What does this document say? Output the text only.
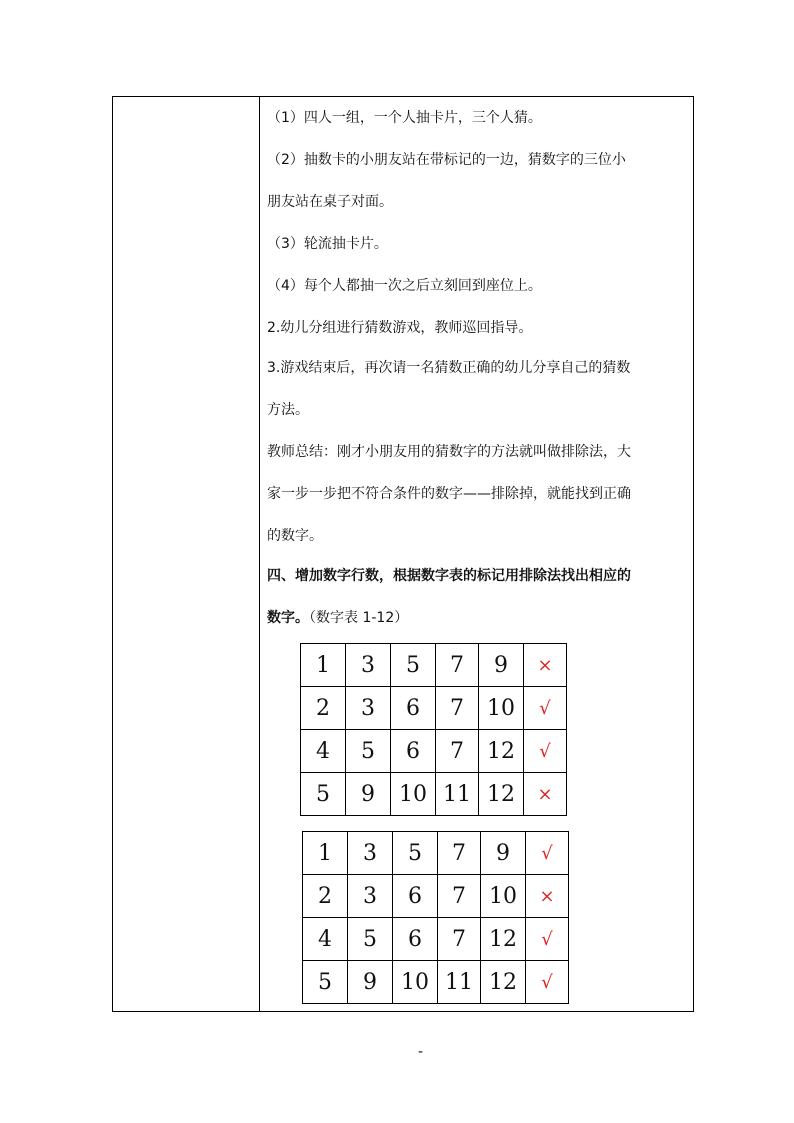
（1）四人一组，一个人抽卡片，三个人猜。
（2）抽数卡的小朋友站在带标记的一边，猜数字的三位小
朋友站在桌子对面。
（3）轮流抽卡片。
（4）每个人都抽一次之后立刻回到座位上。
2.幼儿分组进行猜数游戏，教师巡回指导。
3.游戏结束后，再次请一名猜数正确的幼儿分享自己的猜数
方法。
教师总结：刚才小朋友用的猜数字的方法就叫做排除法，大
家一步一步把不符合条件的数字——排除掉，就能找到正确
的数字。
四、增加数字行数，根据数字表的标记用排除法找出相应的
数字。（数字表 1-12）
1	3	5	7	9	×
2	3	6	7	10	√
4	5	6	7	12	√
5	9	10	11	12	×
1	3	5	7	9	√
2	3	6	7	10	×
4	5	6	7	12	√
5	9	10	11	12	√
-
